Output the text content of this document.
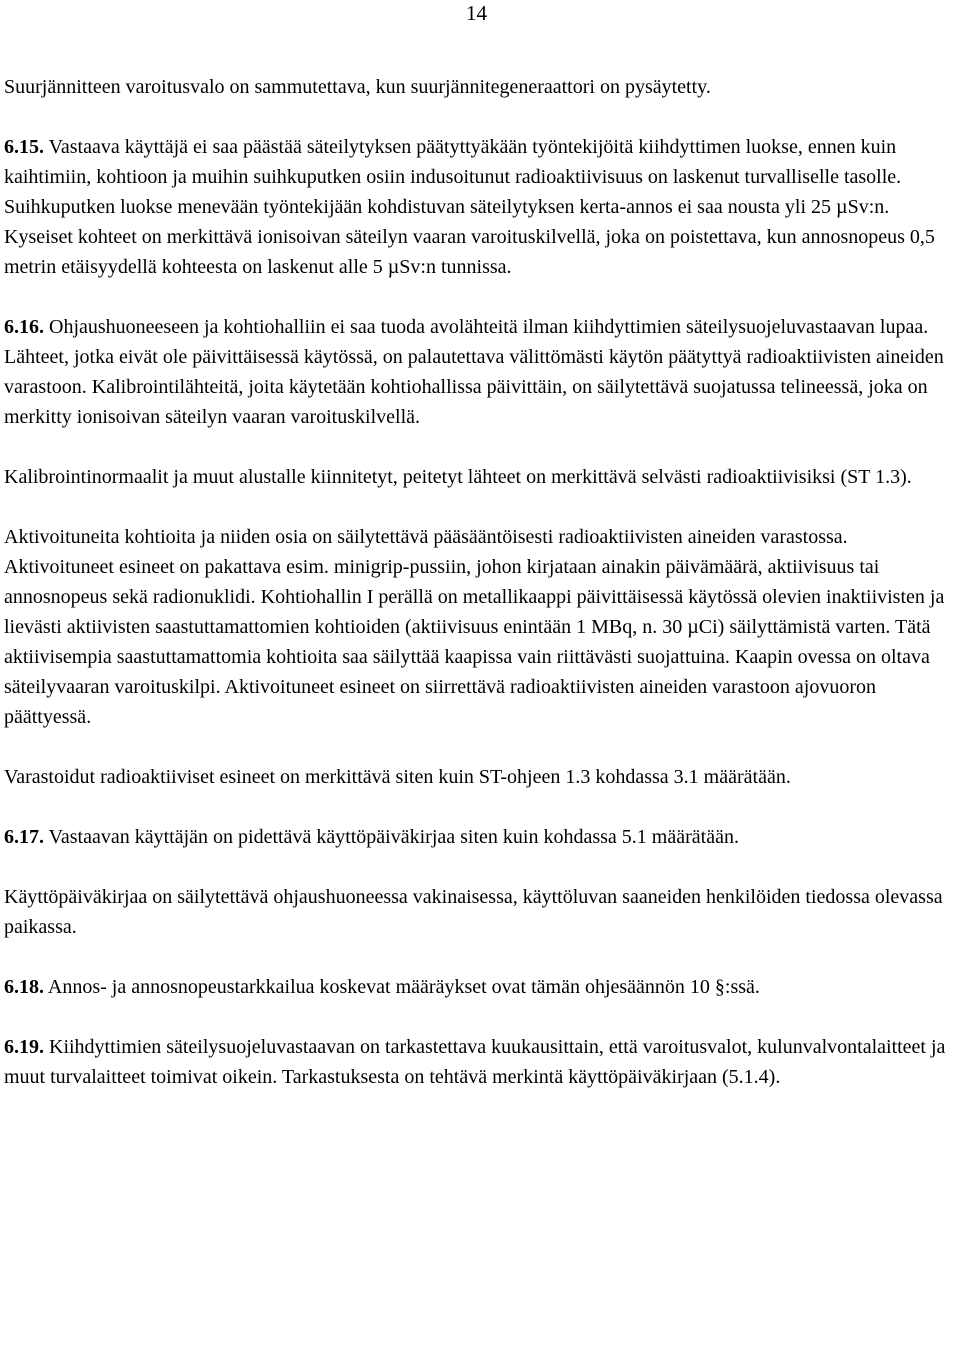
14

Suurjännitteen varoitusvalo on sammutettava, kun suurjännitegeneraattori on pysäytetty.

6.15. Vastaava käyttäjä ei saa päästää säteilytyksen päätyttyäkään työntekijöitä kiihdyttimen luokse, ennen kuin kaihtimiin, kohtioon ja muihin suihkuputken osiin indusoitunut radioaktiivisuus on laskenut turvalliselle tasolle. Suihkuputken luokse menevään työntekijään kohdistuvan säteilytyksen kerta-annos ei saa nousta yli 25 µSv:n. Kyseiset kohteet on merkittävä ionisoivan säteilyn vaaran varoituskilvellä, joka on poistettava, kun annosnopeus 0,5 metrin etäisyydellä kohteesta on laskenut alle 5 µSv:n tunnissa.

6.16. Ohjaushuoneeseen ja kohtiohalliin ei saa tuoda avolähteitä ilman kiihdyttimien säteilysuojeluvastaavan lupaa. Lähteet, jotka eivät ole päivittäisessä käytössä, on palautettava välittömästi käytön päätyttyä radioaktiivisten aineiden varastoon. Kalibrointilähteitä, joita käytetään kohtiohallissa päivittäin, on säilytettävä suojatussa telineessä, joka on merkitty ionisoivan säteilyn vaaran varoituskilvellä.

Kalibrointinormaalit ja muut alustalle kiinnitetyt, peitetyt lähteet on merkittävä selvästi radioaktiivisiksi (ST 1.3).

Aktivoituneita kohtioita ja niiden osia on säilytettävä pääsääntöisesti radioaktiivisten aineiden varastossa. Aktivoituneet esineet on pakattava esim. minigrip-pussiin, johon kirjataan ainakin päivämäärä, aktiivisuus tai annosnopeus sekä radionuklidi. Kohtiohallin I perällä on metallikaappi päivittäisessä käytössä olevien inaktiivisten ja lievästi aktiivisten saastuttamattomien kohtioiden (aktiivisuus enintään 1 MBq, n. 30 µCi) säilyttämistä varten. Tätä aktiivisempia saastuttamattomia kohtioita saa säilyttää kaapissa vain riittävästi suojattuina. Kaapin ovessa on oltava säteilyvaaran varoituskilpi. Aktivoituneet esineet on siirrettävä radioaktiivisten aineiden varastoon ajovuoron päättyessä.

Varastoidut radioaktiiviset esineet on merkittävä siten kuin ST-ohjeen 1.3 kohdassa 3.1 määrätään.

6.17. Vastaavan käyttäjän on pidettävä käyttöpäiväkirjaa siten kuin kohdassa 5.1 määrätään.

Käyttöpäiväkirjaa on säilytettävä ohjaushuoneessa vakinaisessa, käyttöluvan saaneiden henkilöiden tiedossa olevassa paikassa.

6.18. Annos- ja annosnopeustarkkailua koskevat määräykset ovat tämän ohjesäännön 10 §:ssä.

6.19. Kiihdyttimien säteilysuojeluvastaavan on tarkastettava kuukausittain, että varoitusvalot, kulunvalvontalaitteet ja muut turvalaitteet toimivat oikein. Tarkastuksesta on tehtävä merkintä käyttöpäiväkirjaan (5.1.4).
